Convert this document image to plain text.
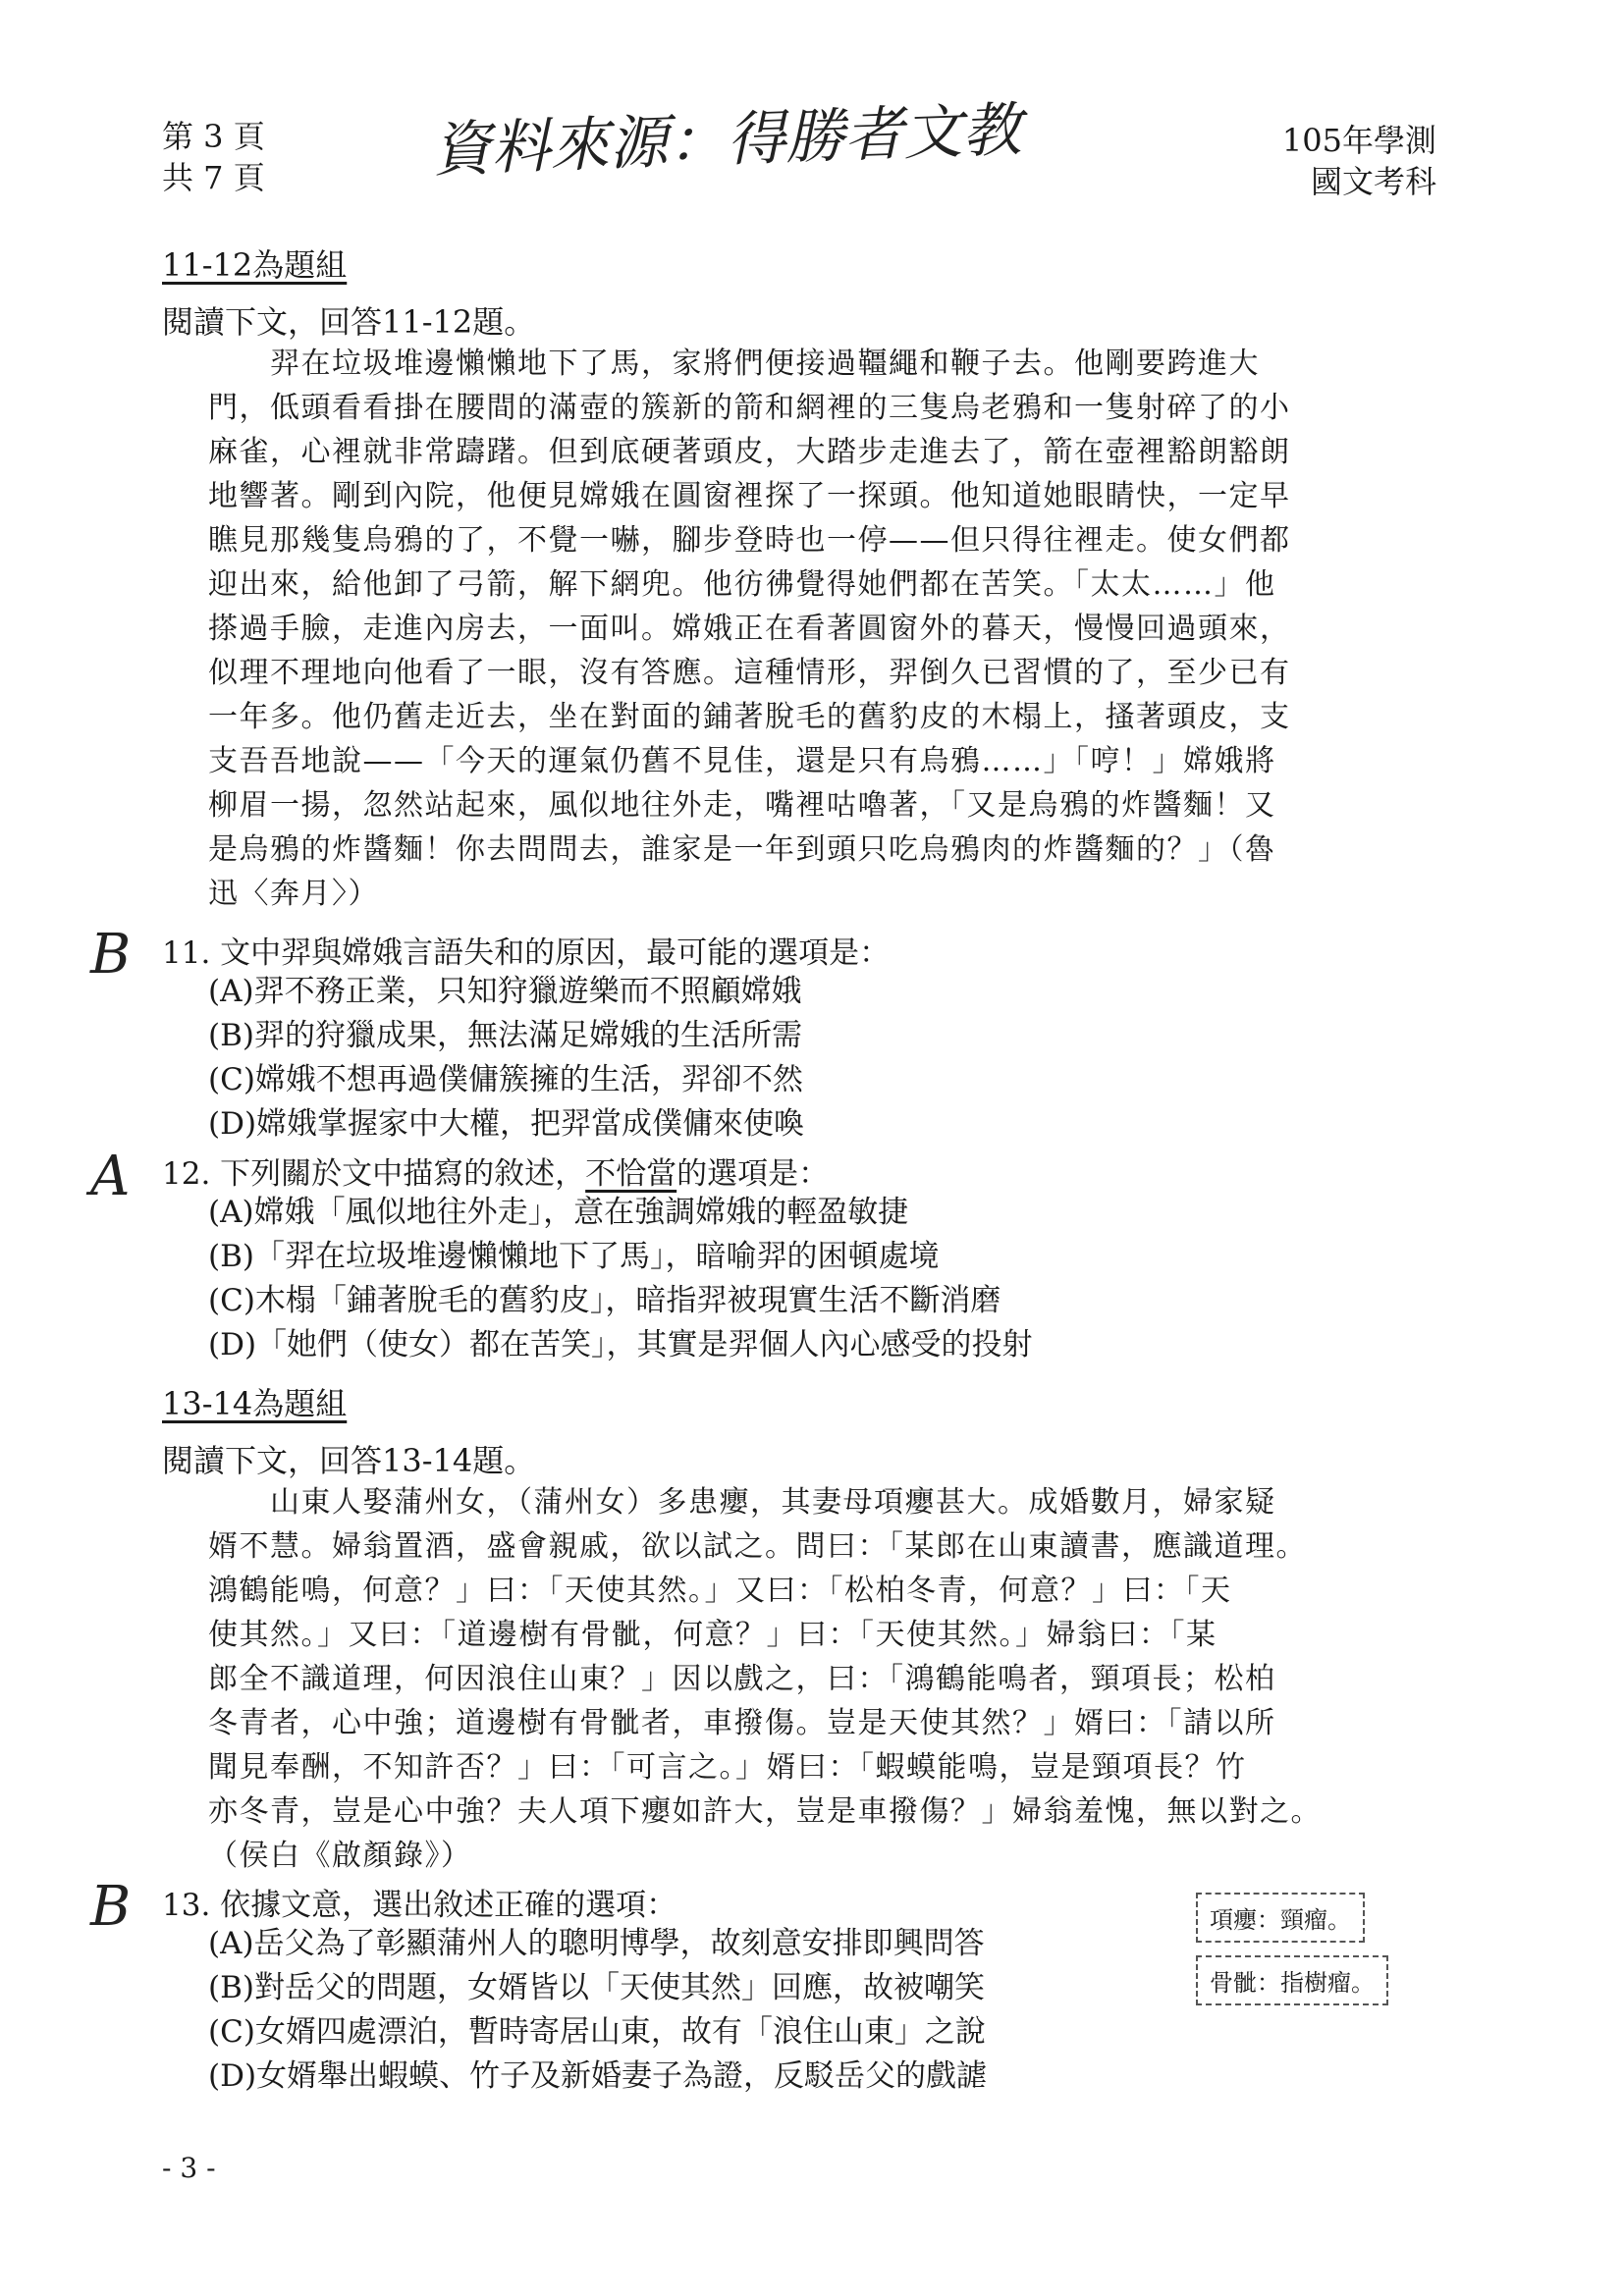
第 3 頁
共 7 頁	資料來源：得勝者文教	105年學測
國文考科
11-12為題組
閱讀下文，回答11-12題。

　　羿在垃圾堆邊懶懶地下了馬，家將們便接過韁繩和鞭子去。他剛要跨進大

門，低頭看看掛在腰間的滿壺的簇新的箭和網裡的三隻烏老鴉和一隻射碎了的小

麻雀，心裡就非常躊躇。但到底硬著頭皮，大踏步走進去了，箭在壺裡豁朗豁朗

地響著。剛到內院，他便見嫦娥在圓窗裡探了一探頭。他知道她眼睛快，一定早

瞧見那幾隻烏鴉的了，不覺一嚇，腳步登時也一停——但只得往裡走。使女們都

迎出來，給他卸了弓箭，解下網兜。他彷彿覺得她們都在苦笑。「太太……」他

搽過手臉，走進內房去，一面叫。嫦娥正在看著圓窗外的暮天，慢慢回過頭來，

似理不理地向他看了一眼，沒有答應。這種情形，羿倒久已習慣的了，至少已有

一年多。他仍舊走近去，坐在對面的鋪著脫毛的舊豹皮的木榻上，搔著頭皮，支

支吾吾地說——「今天的運氣仍舊不見佳，還是只有烏鴉……」「哼！」嫦娥將

柳眉一揚，忽然站起來，風似地往外走，嘴裡咕嚕著，「又是烏鴉的炸醬麵！又

是烏鴉的炸醬麵！你去問問去，誰家是一年到頭只吃烏鴉肉的炸醬麵的？」（魯

迅〈奔月〉）

B 11. 文中羿與嫦娥言語失和的原因，最可能的選項是：
(A)羿不務正業，只知狩獵遊樂而不照顧嫦娥
(B)羿的狩獵成果，無法滿足嫦娥的生活所需
(C)嫦娥不想再過僕傭簇擁的生活，羿卻不然
(D)嫦娥掌握家中大權，把羿當成僕傭來使喚
A 12. 下列關於文中描寫的敘述，不恰當的選項是：
(A)嫦娥「風似地往外走」，意在強調嫦娥的輕盈敏捷
(B)「羿在垃圾堆邊懶懶地下了馬」，暗喻羿的困頓處境
(C)木榻「鋪著脫毛的舊豹皮」，暗指羿被現實生活不斷消磨
(D)「她們（使女）都在苦笑」，其實是羿個人內心感受的投射
13-14為題組
閱讀下文，回答13-14題。

　　山東人娶蒲州女，（蒲州女）多患癭，其妻母項癭甚大。成婚數月，婦家疑

婿不慧。婦翁置酒，盛會親戚，欲以試之。問曰：「某郎在山東讀書，應識道理。

鴻鶴能鳴，何意？」曰：「天使其然。」又曰：「松柏冬青，何意？」曰：「天

使其然。」又曰：「道邊樹有骨骴，何意？」曰：「天使其然。」婦翁曰：「某

郎全不識道理，何因浪住山東？」因以戲之，曰：「鴻鶴能鳴者，頸項長；松柏

冬青者，心中強；道邊樹有骨骴者，車撥傷。豈是天使其然？」婿曰：「請以所

聞見奉酬，不知許否？」曰：「可言之。」婿曰：「蝦蟆能鳴，豈是頸項長？竹

亦冬青，豈是心中強？夫人項下癭如許大，豈是車撥傷？」婦翁羞愧，無以對之。

（侯白《啟顏錄》）

B 13. 依據文意，選出敘述正確的選項：
(A)岳父為了彰顯蒲州人的聰明博學，故刻意安排即興問答
(B)對岳父的問題，女婿皆以「天使其然」回應，故被嘲笑
(C)女婿四處漂泊，暫時寄居山東，故有「浪住山東」之說
(D)女婿舉出蝦蟆、竹子及新婚妻子為證，反駁岳父的戲謔
項癭：頸瘤。
骨骴：指樹瘤。
- 3 -
